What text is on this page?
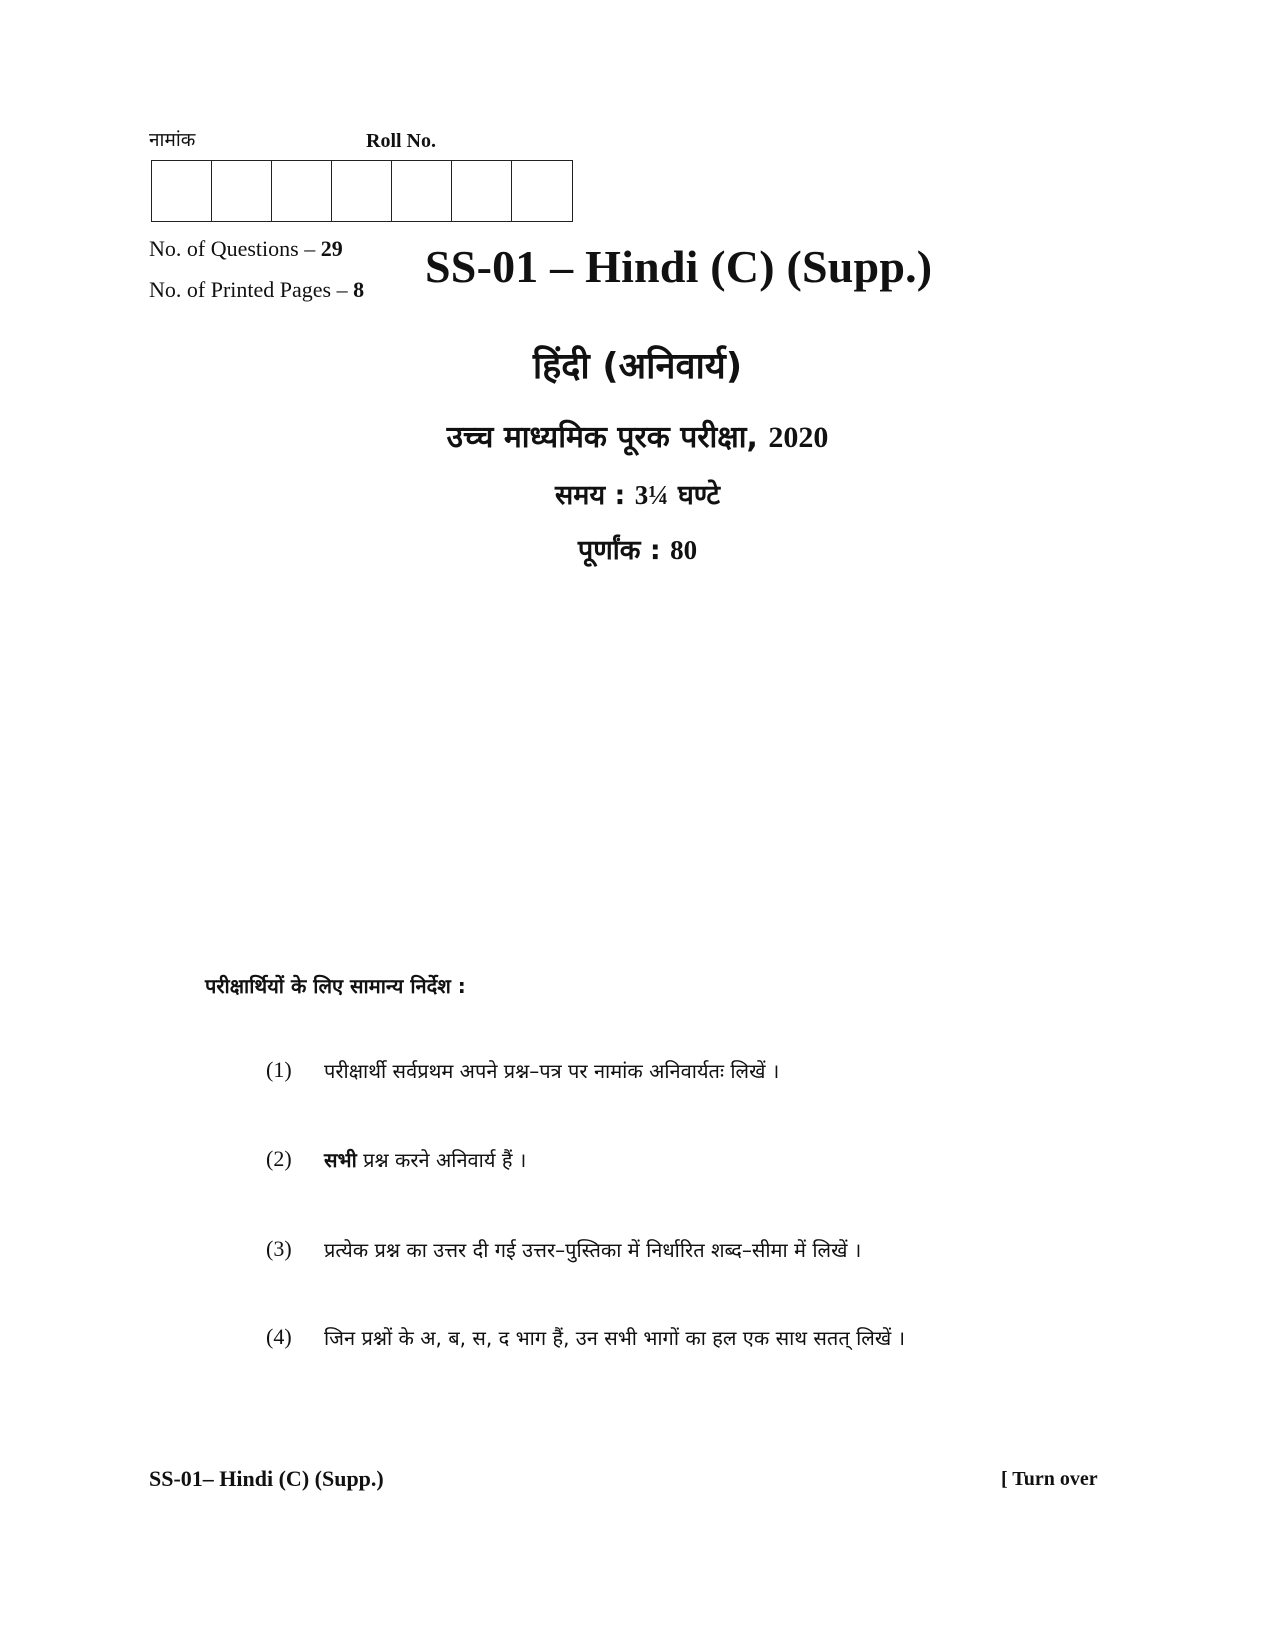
नामांक	Roll No.
No. of Questions – 29
No. of Printed Pages – 8 SS-01 – Hindi (C) (Supp.)
हिंदी (अनिवार्य)
उच्च माध्यमिक पूरक परीक्षा, 2020
समय : 3¼ घण्टे
पूर्णांक : 80
परीक्षार्थियों के लिए सामान्य निर्देश :
(1)	परीक्षार्थी सर्वप्रथम अपने प्रश्न–पत्र पर नामांक अनिवार्यतः लिखें ।
(2)	सभी प्रश्न करने अनिवार्य हैं ।
(3)	प्रत्येक प्रश्न का उत्तर दी गई उत्तर–पुस्तिका में निर्धारित शब्द–सीमा में लिखें ।
(4)	जिन प्रश्नों के अ, ब, स, द भाग हैं, उन सभी भागों का हल एक साथ सतत् लिखें ।
SS-01– Hindi (C) (Supp.)	[ Turn over
